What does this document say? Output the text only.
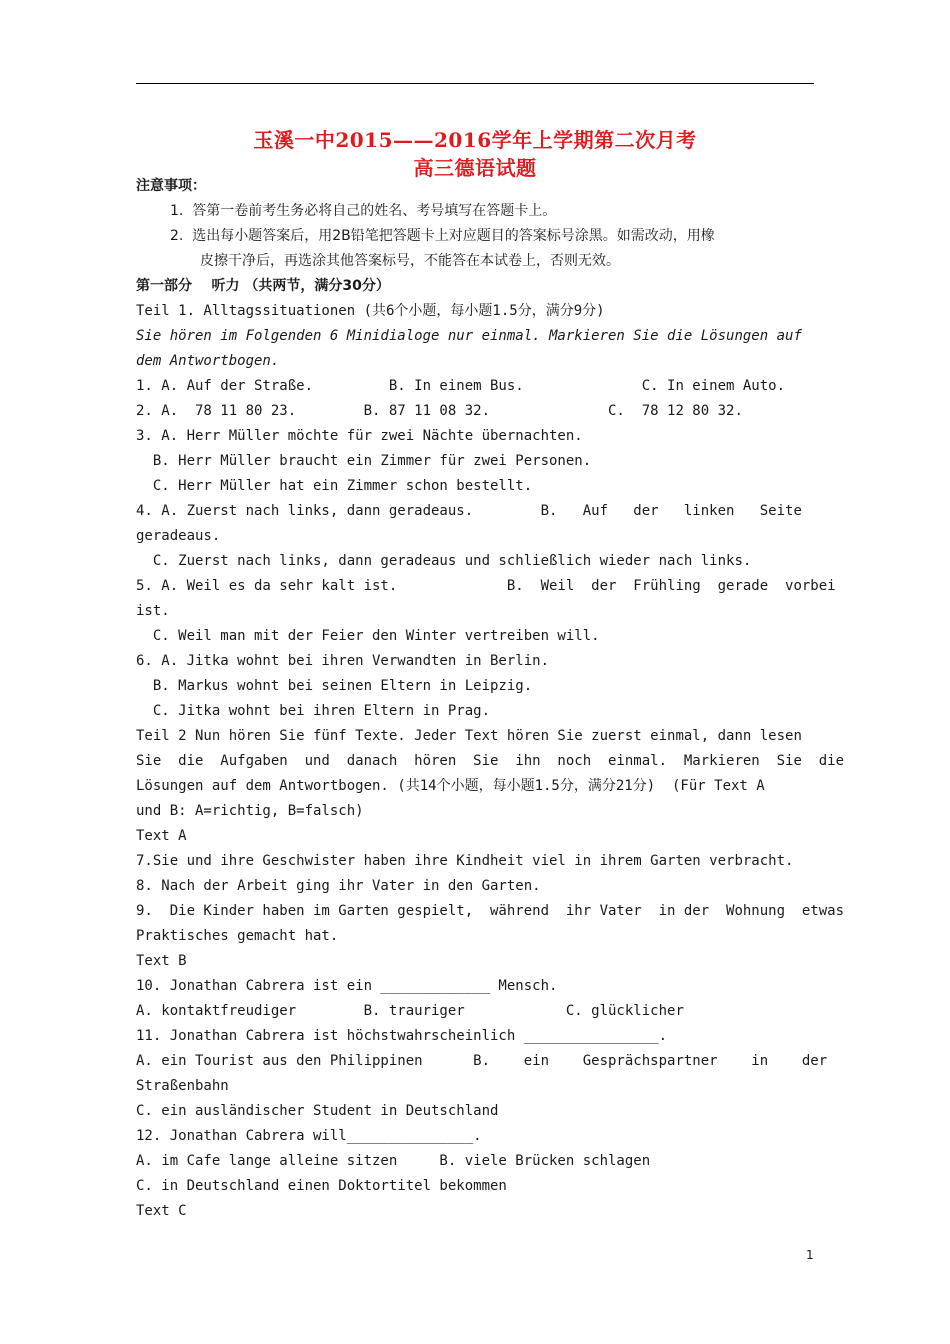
玉溪一中2015——2016学年上学期第二次月考
高三德语试题
注意事项：
1.  答第一卷前考生务必将自己的姓名、考号填写在答题卡上。
2.  选出每小题答案后，用2B铅笔把答题卡上对应题目的答案标号涂黑。如需改动，用橡
皮擦干净后，再选涂其他答案标号，不能答在本试卷上，否则无效。
第一部分    听力 （共两节，满分30分）
Teil 1. Alltagssituationen (共6个小题，每小题1.5分，满分9分)
Sie hören im Folgenden 6 Minidialoge nur einmal. Markieren Sie die Lösungen auf
dem Antwortbogen.
1. A. Auf der Straße.         B. In einem Bus.              C. In einem Auto.
2. A.  78 11 80 23.        B. 87 11 08 32.              C.  78 12 80 32.
3. A. Herr Müller möchte für zwei Nächte übernachten.
B. Herr Müller braucht ein Zimmer für zwei Personen.
C. Herr Müller hat ein Zimmer schon bestellt.
4. A. Zuerst nach links, dann geradeaus.        B.   Auf   der   linken   Seite
geradeaus.
C. Zuerst nach links, dann geradeaus und schließlich wieder nach links.
5. A. Weil es da sehr kalt ist.             B.  Weil  der  Frühling  gerade  vorbei
ist.
C. Weil man mit der Feier den Winter vertreiben will.
6. A. Jitka wohnt bei ihren Verwandten in Berlin.
B. Markus wohnt bei seinen Eltern in Leipzig.
C. Jitka wohnt bei ihren Eltern in Prag.
Teil 2 Nun hören Sie fünf Texte. Jeder Text hören Sie zuerst einmal, dann lesen
Sie  die  Aufgaben  und  danach  hören  Sie  ihn  noch  einmal.  Markieren  Sie  die
Lösungen auf dem Antwortbogen. (共14个小题，每小题1.5分，满分21分)  (Für Text A
und B: A=richtig, B=falsch)
Text A
7.Sie und ihre Geschwister haben ihre Kindheit viel in ihrem Garten verbracht.
8. Nach der Arbeit ging ihr Vater in den Garten.
9.  Die Kinder haben im Garten gespielt,  während  ihr Vater  in der  Wohnung  etwas
Praktisches gemacht hat.
Text B
10. Jonathan Cabrera ist ein _____________ Mensch.
A. kontaktfreudiger        B. trauriger            C. glücklicher
11. Jonathan Cabrera ist höchstwahrscheinlich ________________.
A. ein Tourist aus den Philippinen      B.    ein    Gesprächspartner    in    der
Straßenbahn
C. ein ausländischer Student in Deutschland
12. Jonathan Cabrera will_______________.
A. im Cafe lange alleine sitzen     B. viele Brücken schlagen
C. in Deutschland einen Doktortitel bekommen
Text C
1
